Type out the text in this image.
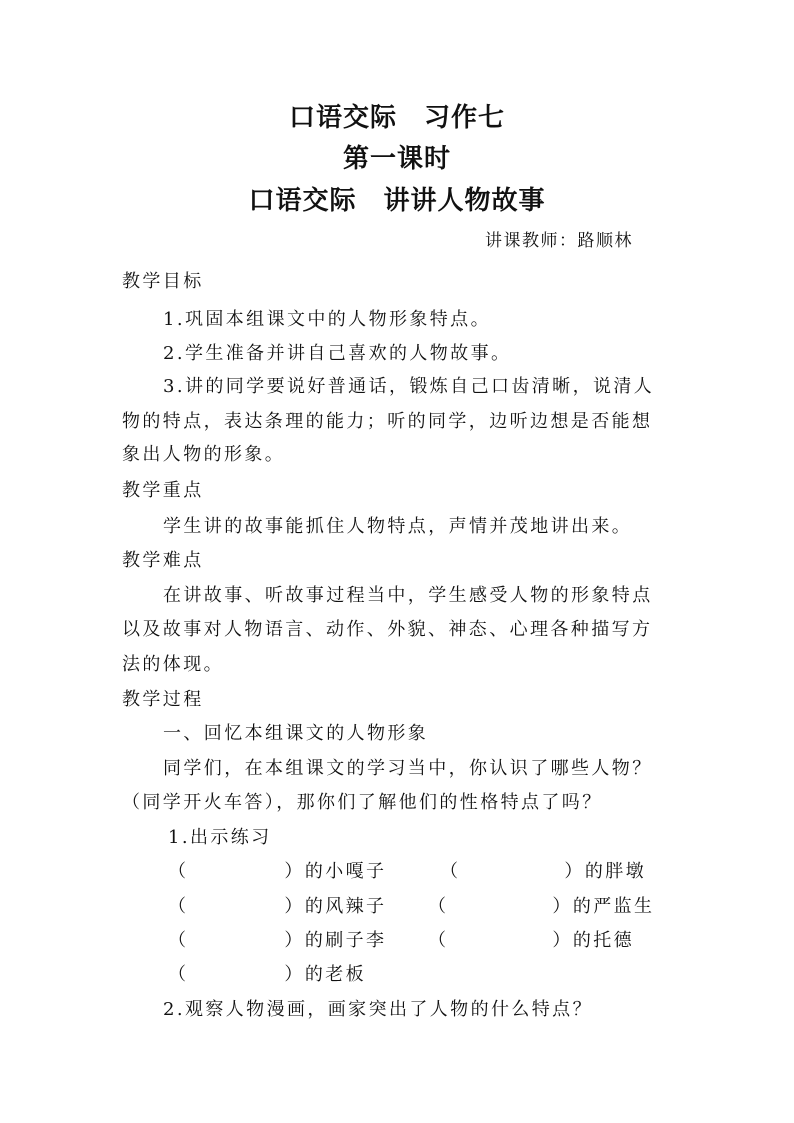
口语交际　习作七
第一课时
口语交际　讲讲人物故事
讲课教师：路顺林
教学目标
1.巩固本组课文中的人物形象特点。
2.学生准备并讲自己喜欢的人物故事。
3.讲的同学要说好普通话，锻炼自己口齿清晰，说清人
物的特点，表达条理的能力；听的同学，边听边想是否能想
象出人物的形象。
教学重点
学生讲的故事能抓住人物特点，声情并茂地讲出来。
教学难点
在讲故事、听故事过程当中，学生感受人物的形象特点
以及故事对人物语言、动作、外貌、神态、心理各种描写方
法的体现。
教学过程
一、回忆本组课文的人物形象
同学们，在本组课文的学习当中，你认识了哪些人物？
（同学开火车答），那你们了解他们的性格特点了吗？
1.出示练习
（	）的小嘎子	（	）的胖墩
（	）的风辣子 （	）的严监生
（	）的刷子李 （	）的托德
（	）的老板
2.观察人物漫画，画家突出了人物的什么特点？
